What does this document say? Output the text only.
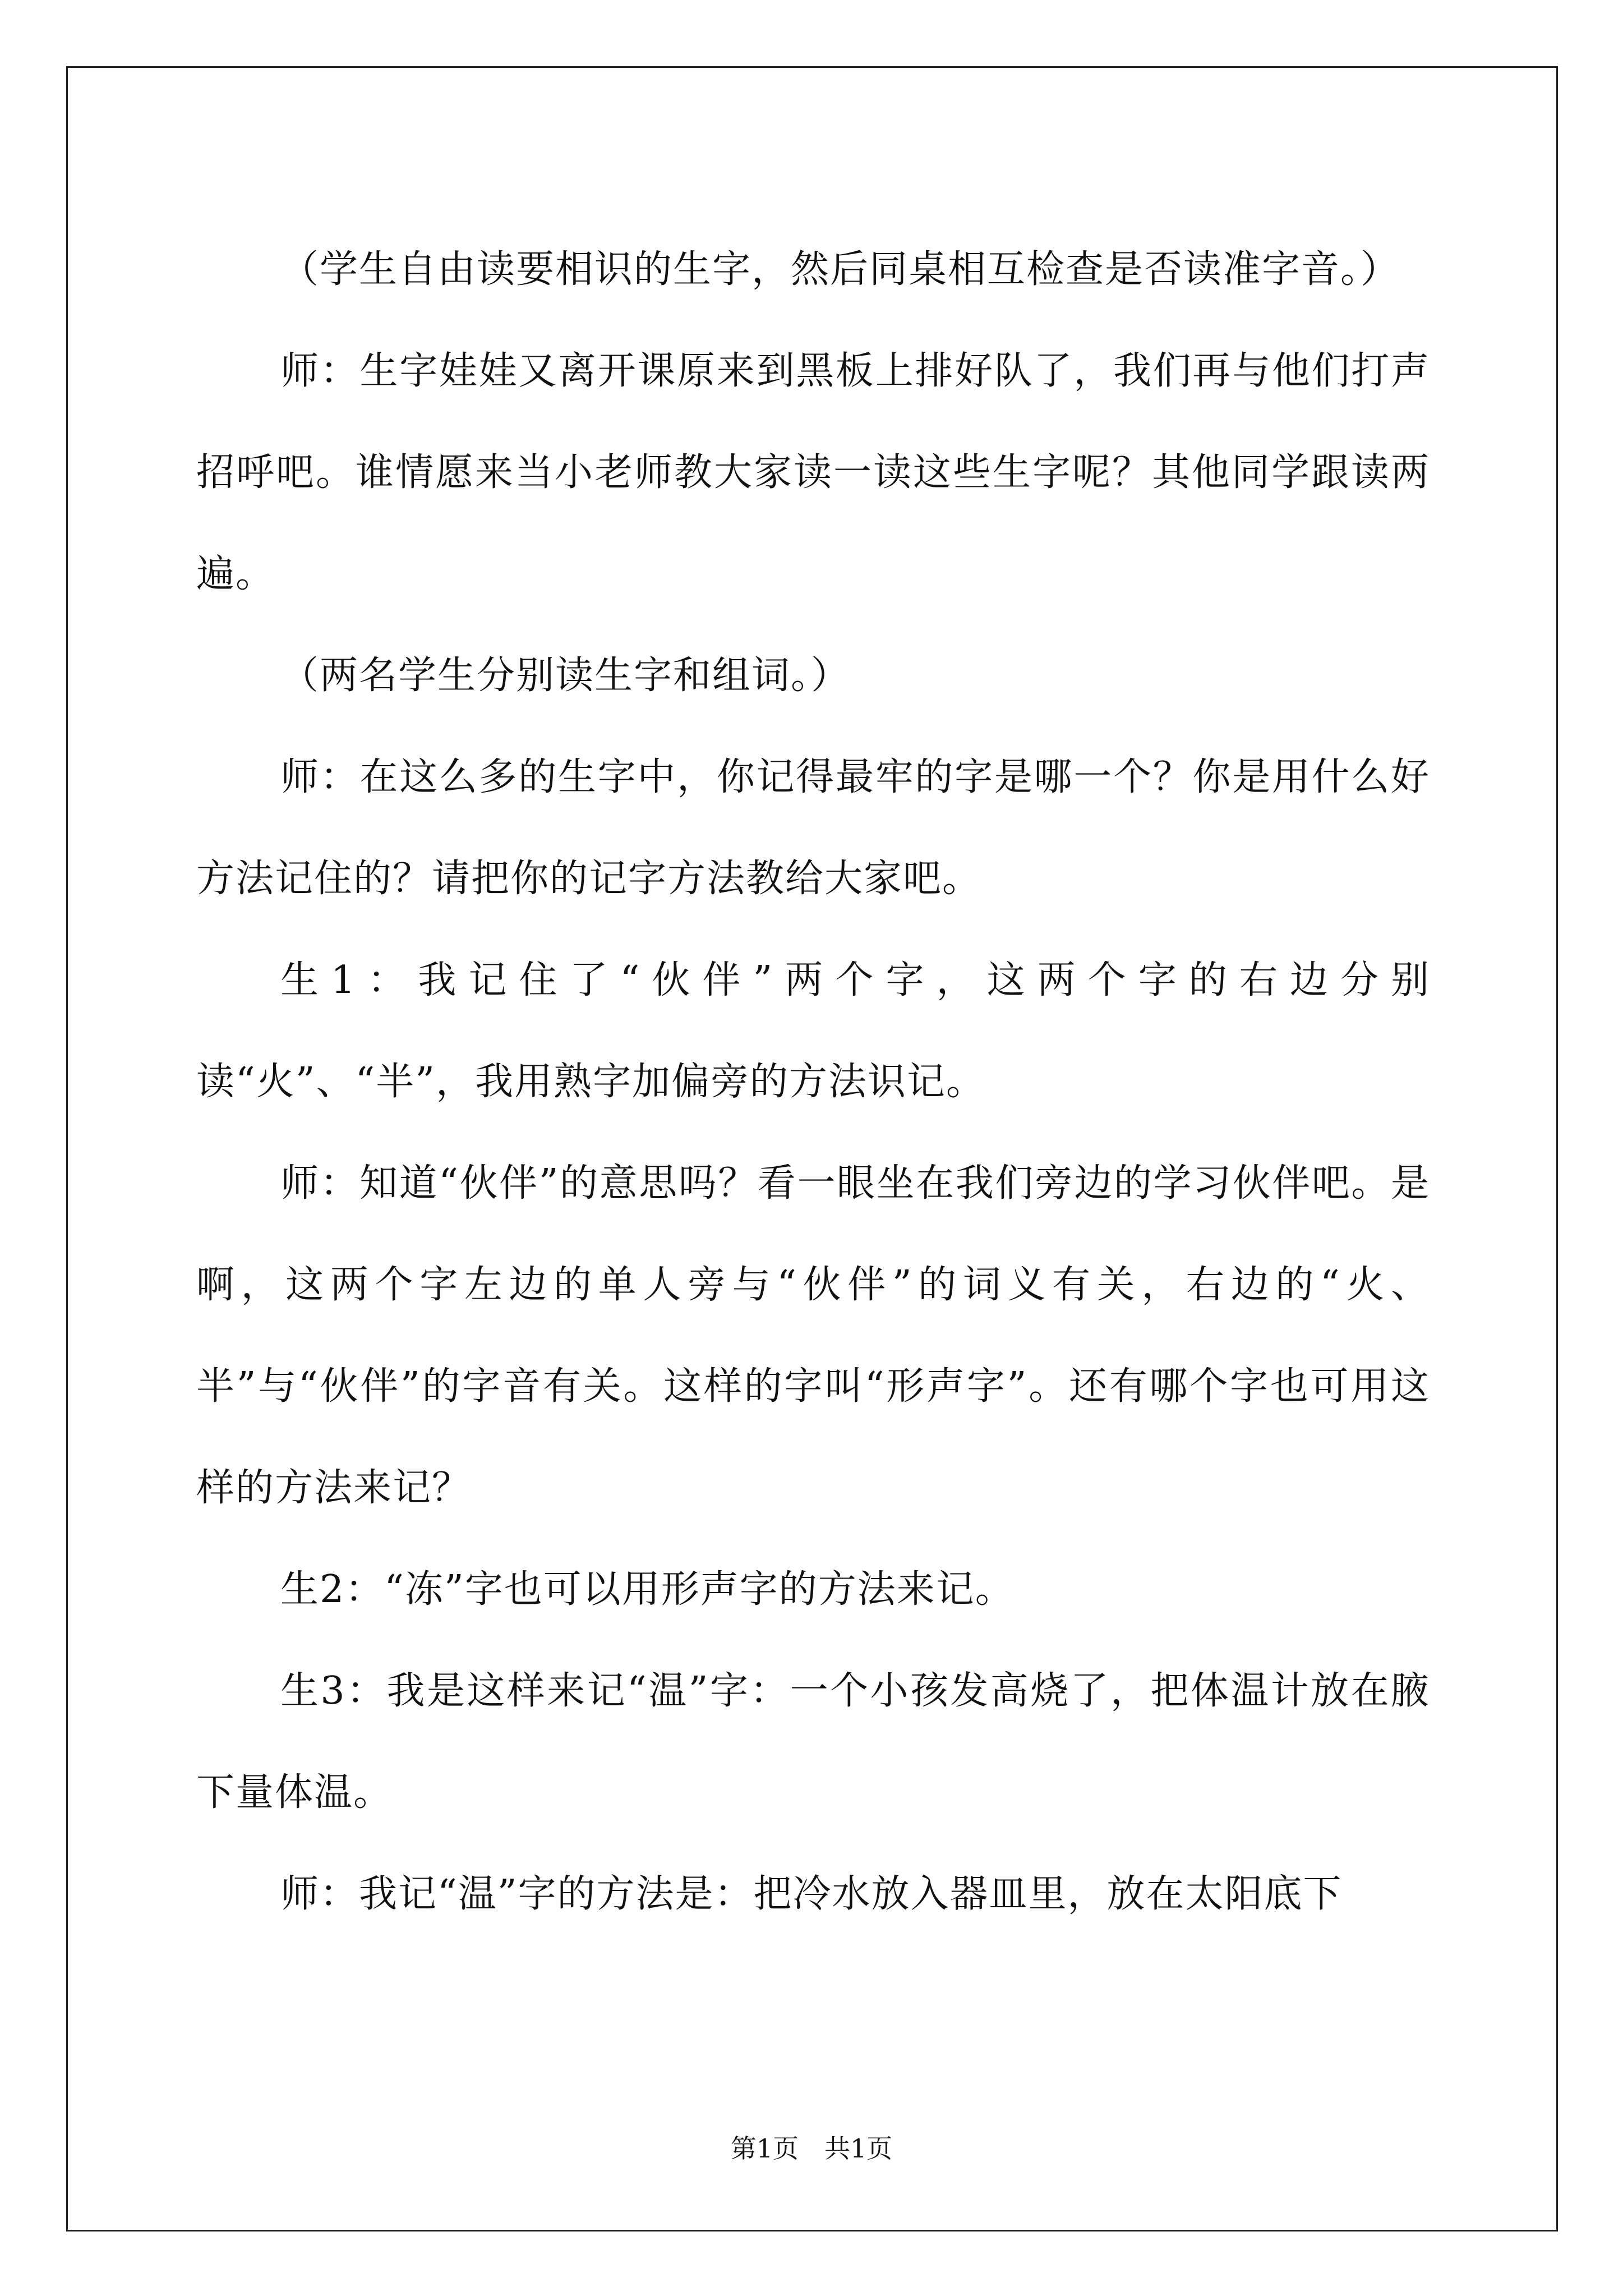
（学生自由读要相识的生字，然后同桌相互检查是否读准字音。）

师：生字娃娃又离开课原来到黑板上排好队了，我们再与他们打声招呼吧。谁情愿来当小老师教大家读一读这些生字呢？其他同学跟读两遍。

（两名学生分别读生字和组词。）

师：在这么多的生字中，你记得最牢的字是哪一个？你是用什么好方法记住的？请把你的记字方法教给大家吧。

生1：我记住了“伙伴”两个字，这两个字的右边分别读“火”、“半”，我用熟字加偏旁的方法识记。

师：知道“伙伴”的意思吗？看一眼坐在我们旁边的学习伙伴吧。是啊，这两个字左边的单人旁与“伙伴”的词义有关，右边的“火、半”与“伙伴”的字音有关。这样的字叫“形声字”。还有哪个字也可用这样的方法来记？

生2：“冻”字也可以用形声字的方法来记。

生3：我是这样来记“温”字：一个小孩发高烧了，把体温计放在腋下量体温。

师：我记“温”字的方法是：把冷水放入器皿里，放在太阳底下

第1页　共1页
